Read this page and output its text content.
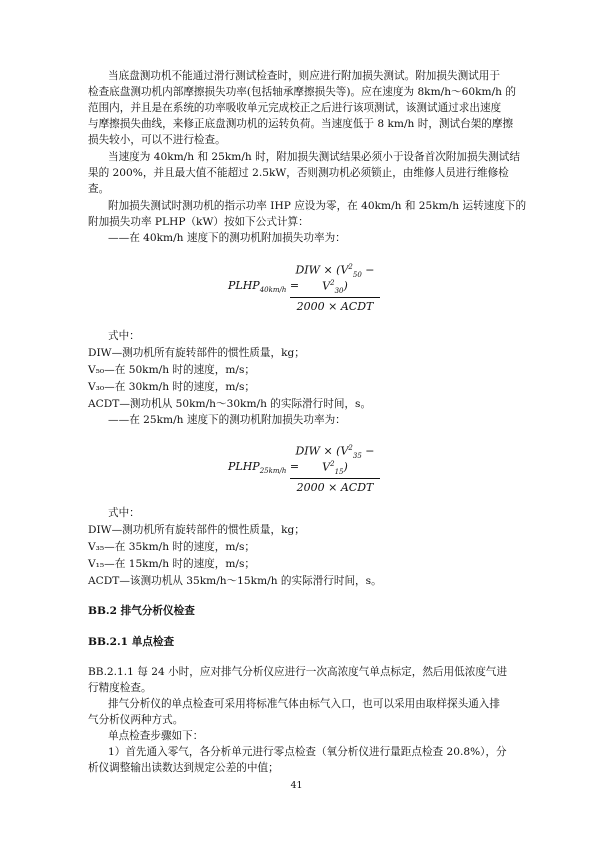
当底盘测功机不能通过滑行测试检查时，则应进行附加损失测试。附加损失测试用于
检查底盘测功机内部摩擦损失功率(包括轴承摩擦损失等)。应在速度为 8km/h～60km/h 的
范围内，并且是在系统的功率吸收单元完成校正之后进行该项测试，该测试通过求出速度
与摩擦损失曲线，来修正底盘测功机的运转负荷。当速度低于 8 km/h 时，测试台架的摩擦
损失较小，可以不进行检查。
当速度为 40km/h 和 25km/h 时，附加损失测试结果必须小于设备首次附加损失测试结
果的 200%，并且最大值不能超过 2.5kW，否则测功机必须锁止，由维修人员进行维修检
查。
附加损失测试时测功机的指示功率 IHP 应设为零，在 40km/h 和 25km/h 运转速度下的
附加损失功率 PLHP（kW）按如下公式计算：
——在 40km/h 速度下的测功机附加损失功率为：
$PLHP_{40km/h}$ =
DIW × $(V^2_{50} - V^2_{30})$
2000 × ACDT
式中：
DIW—测功机所有旋转部件的惯性质量，kg；
V₅₀—在 50km/h 时的速度，m/s；
V₃₀—在 30km/h 时的速度，m/s；
ACDT—测功机从 50km/h～30km/h 的实际滑行时间，s。
——在 25km/h 速度下的测功机附加损失功率为：
$PLHP_{25km/h}$ =
DIW × $(V^2_{35} - V^2_{15})$
2000 × ACDT
式中：
DIW—测功机所有旋转部件的惯性质量，kg；
V₃₅—在 35km/h 时的速度，m/s；
V₁₅—在 15km/h 时的速度，m/s；
ACDT—该测功机从 35km/h～15km/h 的实际滑行时间，s。
BB.2 排气分析仪检查
BB.2.1 单点检查
BB.2.1.1 每 24 小时，应对排气分析仪应进行一次高浓度气单点标定，然后用低浓度气进
行精度检查。
排气分析仪的单点检查可采用将标准气体由标气入口，也可以采用由取样探头通入排
气分析仪两种方式。
单点检查步骤如下：
1）首先通入零气，各分析单元进行零点检查（氧分析仪进行量距点检查 20.8%），分
析仪调整输出读数达到规定公差的中值；
41
